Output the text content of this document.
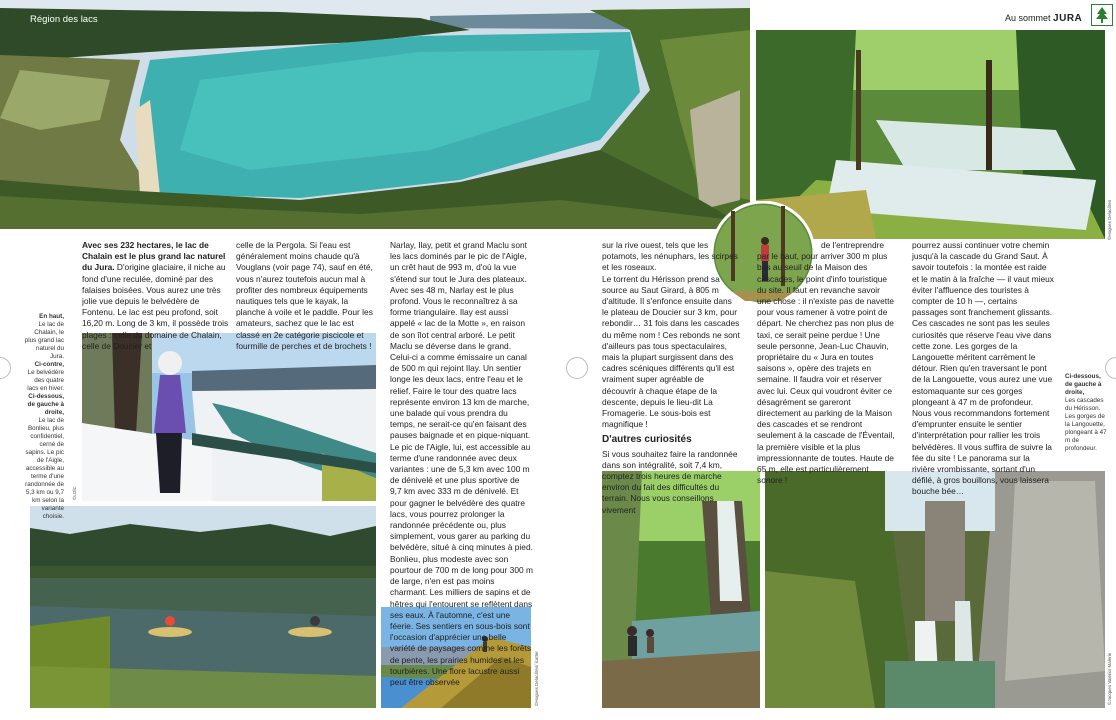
Région des lacs	Au sommet JURA
En haut,
Le lac de Chalain, le plus grand lac naturel du Jura.
Ci-contre,
Le belvédère des quatre lacs en hiver.
Ci-dessous, de gauche à droite,
Le lac de Bonlieu, plus confidentiel, cerné de sapins. Le pic de l'Aigle, accessible au terme d'une randonnée de 5,3 km ou 9,7 km selon la variante choisie.
Ci-dessous, de gauche à droite,
Les cascades du Hérisson. Les gorges de la Langouette, plongeant à 47 m de profondeur.
©LOÏC
©Hugues Delacôtes/ lcatter
©Hugues Delacôtes
©Jacques Valerio/ Malerie

Avec ses 232 hectares, le lac de Chalain est le plus grand lac naturel du Jura. D'origine glaciaire, il niche au fond d'une reculée, dominé par des falaises boisées. Vous aurez une très jolie vue depuis le belvédère de Fontenu. Le lac est peu profond, soit 16,20 m. Long de 3 km, il possède trois plages : celle du domaine de Chalain, celle de Doucier et

celle de la Pergola. Si l'eau est généralement moins chaude qu'à Vouglans (voir page 74), sauf en été, vous n'aurez toutefois aucun mal à profiter des nombreux équipements nautiques tels que le kayak, la planche à voile et le paddle. Pour les amateurs, sachez que le lac est classé en 2e catégorie piscicole et fourmille de perches et de brochets !

Narlay, Ilay, petit et grand Maclu sont les lacs dominés par le pic de l'Aigle, un crêt haut de 993 m, d'où la vue s'étend sur tout le Jura des plateaux. Avec ses 48 m, Narlay est le plus profond. Vous le reconnaîtrez à sa forme triangulaire. Ilay est aussi appelé « lac de la Motte », en raison de son îlot central arboré. Le petit Maclu se déverse dans le grand. Celui-ci a comme émissaire un canal de 500 m qui rejoint Ilay. Un sentier longe les deux lacs, entre l'eau et le relief. Faire le tour des quatre lacs représente environ 13 km de marche, une balade qui vous prendra du temps, ne serait-ce qu'en faisant des pauses baignade et en pique-niquant. Le pic de l'Aigle, lui, est accessible au terme d'une randonnée avec deux variantes : une de 5,3 km avec 100 m de dénivelé et une plus sportive de 9,7 km avec 333 m de dénivelé. Et pour gagner le belvédère des quatre lacs, vous pourrez prolonger la randonnée précédente ou, plus simplement, vous garer au parking du belvédère, situé à cinq minutes à pied.

Bonlieu, plus modeste avec son pourtour de 700 m de long pour 300 m de large, n'en est pas moins charmant. Les milliers de sapins et de hêtres qui l'entourent se reflètent dans ses eaux. À l'automne, c'est une féerie. Ses sentiers en sous-bois sont l'occasion d'apprécier une belle variété de paysages comme les forêts de pente, les prairies humides et les tourbières. Une flore lacustre aussi peut être observée

sur la rive ouest, tels que les potamots, les nénuphars, les scirpes et les roseaux.

Le torrent du Hérisson prend sa source au Saut Girard, à 805 m d'altitude. Il s'enfonce ensuite dans le plateau de Doucier sur 3 km, pour rebondir… 31 fois dans les cascades du même nom ! Ces rebonds ne sont d'ailleurs pas tous spectaculaires, mais la plupart surgissent dans des cadres scéniques différents qu'il est vraiment super agréable de découvrir à chaque étape de la descente, depuis le lieu-dit La Fromagerie. Le sous-bois est magnifique !

D'autres curiosités

Si vous souhaitez faire la randonnée dans son intégralité, soit 7,4 km, comptez trois heures de marche environ du fait des difficultés du terrain. Nous vous conseillons vivement

de l'entreprendre par le haut, pour arriver 300 m plus bas au seuil de la Maison des cascades, le point d'info touristique du site. Il faut en revanche savoir une chose : il n'existe pas de navette pour vous ramener à votre point de départ. Ne cherchez pas non plus de taxi, ce serait peine perdue ! Une seule personne, Jean-Luc Chauvin, propriétaire du « Jura en toutes saisons », opère des trajets en semaine. Il faudra voir et réserver avec lui. Ceux qui voudront éviter ce désagrément se gareront directement au parking de la Maison des cascades et se rendront seulement à la cascade de l'Éventail, la première visible et la plus impressionnante de toutes. Haute de 65 m, elle est particulièrement sonore !

pourrez aussi continuer votre chemin jusqu'à la cascade du Grand Saut. À savoir toutefois : la montée est raide et le matin à la fraîche — il vaut mieux éviter l'affluence des touristes à compter de 10 h —, certains passages sont franchement glissants.

Ces cascades ne sont pas les seules curiosités que réserve l'eau vive dans cette zone. Les gorges de la Langouette méritent carrément le détour. Rien qu'en traversant le pont de la Langouette, vous aurez une vue estomaquante sur ces gorges plongeant à 47 m de profondeur. Nous vous recommandons fortement d'emprunter ensuite le sentier d'interprétation pour rallier les trois belvédères. Il vous suffira de suivre la fée du site ! Le panorama sur la rivière vrombissante, sortant d'un défilé, à gros bouillons, vous laissera bouche bée…
